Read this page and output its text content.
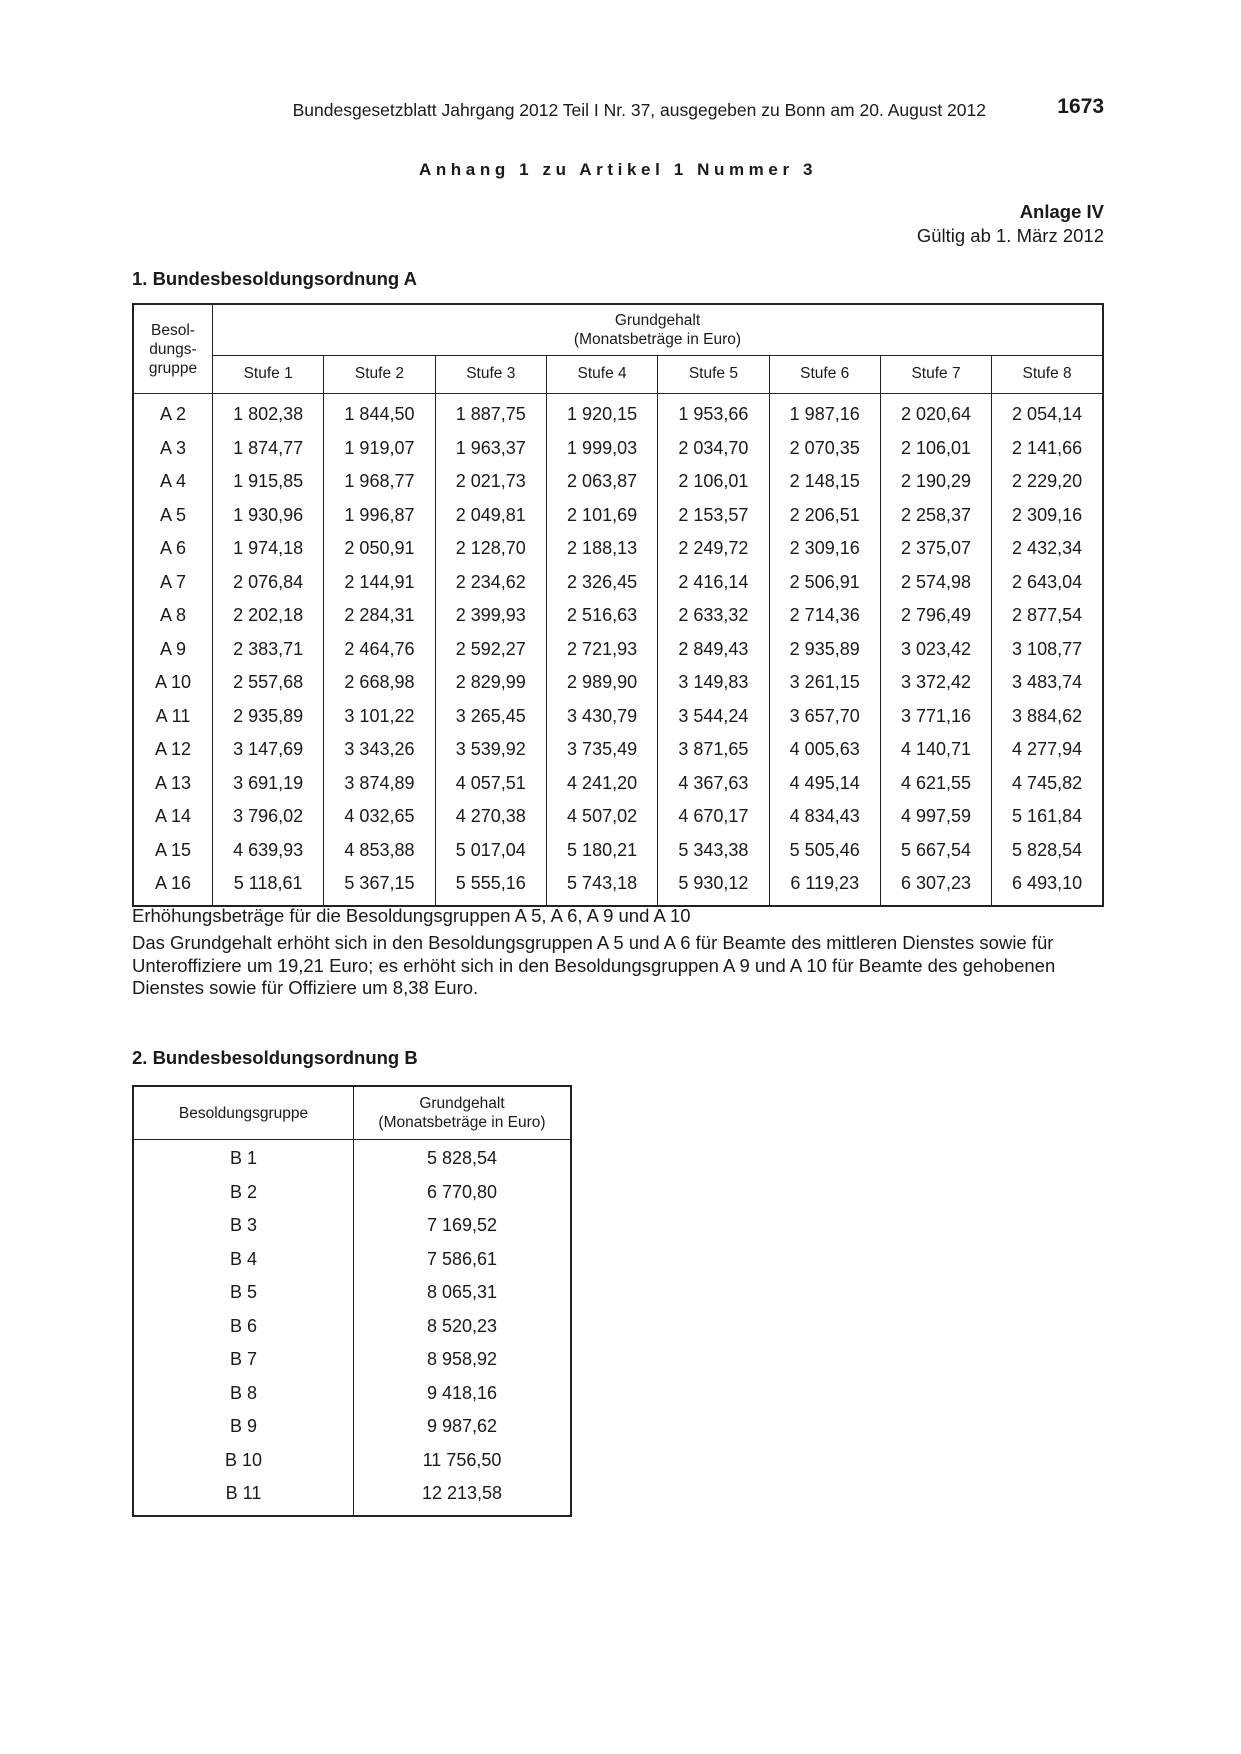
Bundesgesetzblatt Jahrgang 2012 Teil I Nr. 37, ausgegeben zu Bonn am 20. August 2012	1673
Anhang 1 zu Artikel 1 Nummer 3
Anlage IV
Gültig ab 1. März 2012
1. Bundesbesoldungsordnung A
Besol-
dungs-
gruppe	Grundgehalt
(Monatsbeträge in Euro)							
	Stufe 1	Stufe 2	Stufe 3	Stufe 4	Stufe 5	Stufe 6	Stufe 7	Stufe 8
A 2	1 802,38	1 844,50	1 887,75	1 920,15	1 953,66	1 987,16	2 020,64	2 054,14
A 3	1 874,77	1 919,07	1 963,37	1 999,03	2 034,70	2 070,35	2 106,01	2 141,66
A 4	1 915,85	1 968,77	2 021,73	2 063,87	2 106,01	2 148,15	2 190,29	2 229,20
A 5	1 930,96	1 996,87	2 049,81	2 101,69	2 153,57	2 206,51	2 258,37	2 309,16
A 6	1 974,18	2 050,91	2 128,70	2 188,13	2 249,72	2 309,16	2 375,07	2 432,34
A 7	2 076,84	2 144,91	2 234,62	2 326,45	2 416,14	2 506,91	2 574,98	2 643,04
A 8	2 202,18	2 284,31	2 399,93	2 516,63	2 633,32	2 714,36	2 796,49	2 877,54
A 9	2 383,71	2 464,76	2 592,27	2 721,93	2 849,43	2 935,89	3 023,42	3 108,77
A 10	2 557,68	2 668,98	2 829,99	2 989,90	3 149,83	3 261,15	3 372,42	3 483,74
A 11	2 935,89	3 101,22	3 265,45	3 430,79	3 544,24	3 657,70	3 771,16	3 884,62
A 12	3 147,69	3 343,26	3 539,92	3 735,49	3 871,65	4 005,63	4 140,71	4 277,94
A 13	3 691,19	3 874,89	4 057,51	4 241,20	4 367,63	4 495,14	4 621,55	4 745,82
A 14	3 796,02	4 032,65	4 270,38	4 507,02	4 670,17	4 834,43	4 997,59	5 161,84
A 15	4 639,93	4 853,88	5 017,04	5 180,21	5 343,38	5 505,46	5 667,54	5 828,54
A 16	5 118,61	5 367,15	5 555,16	5 743,18	5 930,12	6 119,23	6 307,23	6 493,10
Erhöhungsbeträge für die Besoldungsgruppen A 5, A 6, A 9 und A 10
Das Grundgehalt erhöht sich in den Besoldungsgruppen A 5 und A 6 für Beamte des mittleren Dienstes sowie für Unteroffiziere um 19,21 Euro; es erhöht sich in den Besoldungsgruppen A 9 und A 10 für Beamte des gehobenen Dienstes sowie für Offiziere um 8,38 Euro.
2. Bundesbesoldungsordnung B
Besoldungsgruppe	Grundgehalt
(Monatsbeträge in Euro)
B 1	5 828,54
B 2	6 770,80
B 3	7 169,52
B 4	7 586,61
B 5	8 065,31
B 6	8 520,23
B 7	8 958,92
B 8	9 418,16
B 9	9 987,62
B 10	11 756,50
B 11	12 213,58
